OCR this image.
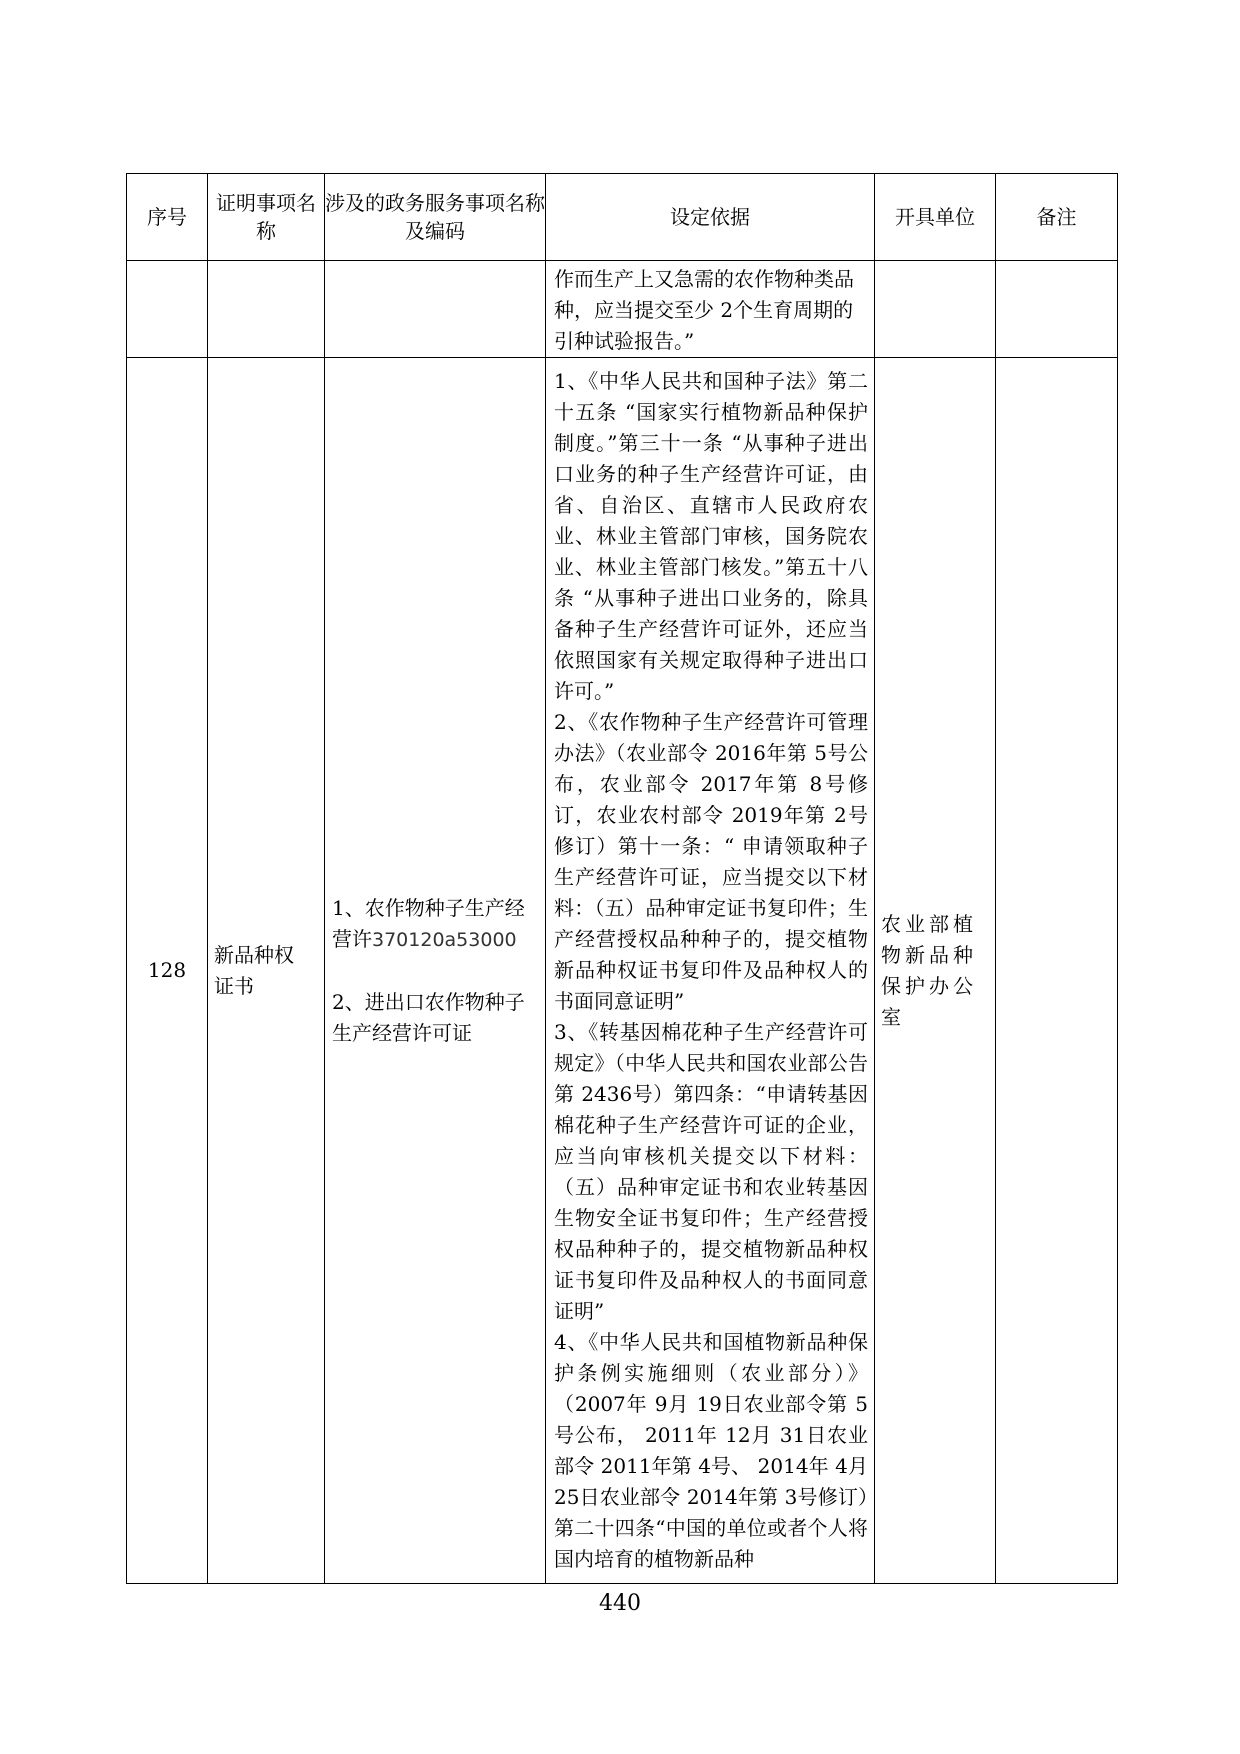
序号	证明事项名称	涉及的政务服务事项名称及编码	设定依据	开具单位	备注
			作而生产上又急需的农作物种类品种，应当提交至少 2个生育周期的引种试验报告。”		
128	新品种权证书	1、农作物种子生产经营许370120a53000
2、进出口农作物种子生产经营许可证	1、《中华人民共和国种子法》第二十五条 “国家实行植物新品种保护制度。”第三十一条 “从事种子进出口业务的种子生产经营许可证，由省、自治区、直辖市人民政府农业、林业主管部门审核，国务院农业、林业主管部门核发。”第五十八条 “从事种子进出口业务的，除具备种子生产经营许可证外，还应当依照国家有关规定取得种子进出口许可。”
2、《农作物种子生产经营许可管理办法》（农业部令 2016年第 5号公布，农业部令 2017年第 8号修订，农业农村部令 2019年第 2号修订）第十一条：“ 申请领取种子生产经营许可证，应当提交以下材料：（五）品种审定证书复印件；生产经营授权品种种子的，提交植物新品种权证书复印件及品种权人的书面同意证明”
3、《转基因棉花种子生产经营许可规定》（中华人民共和国农业部公告第 2436号）第四条：“申请转基因棉花种子生产经营许可证的企业，应当向审核机关提交以下材料：（五）品种审定证书和农业转基因生物安全证书复印件；生产经营授权品种种子的，提交植物新品种权证书复印件及品种权人的书面同意证明”
4、《中华人民共和国植物新品种保护条例实施细则（农业部分）》（2007年 9月 19日农业部令第 5号公布， 2011年 12月 31日农业部令 2011年第 4号、 2014年 4月 25日农业部令 2014年第 3号修订）第二十四条“中国的单位或者个人将国内培育的植物新品种	农业部植物新品种保护办公室	
440
